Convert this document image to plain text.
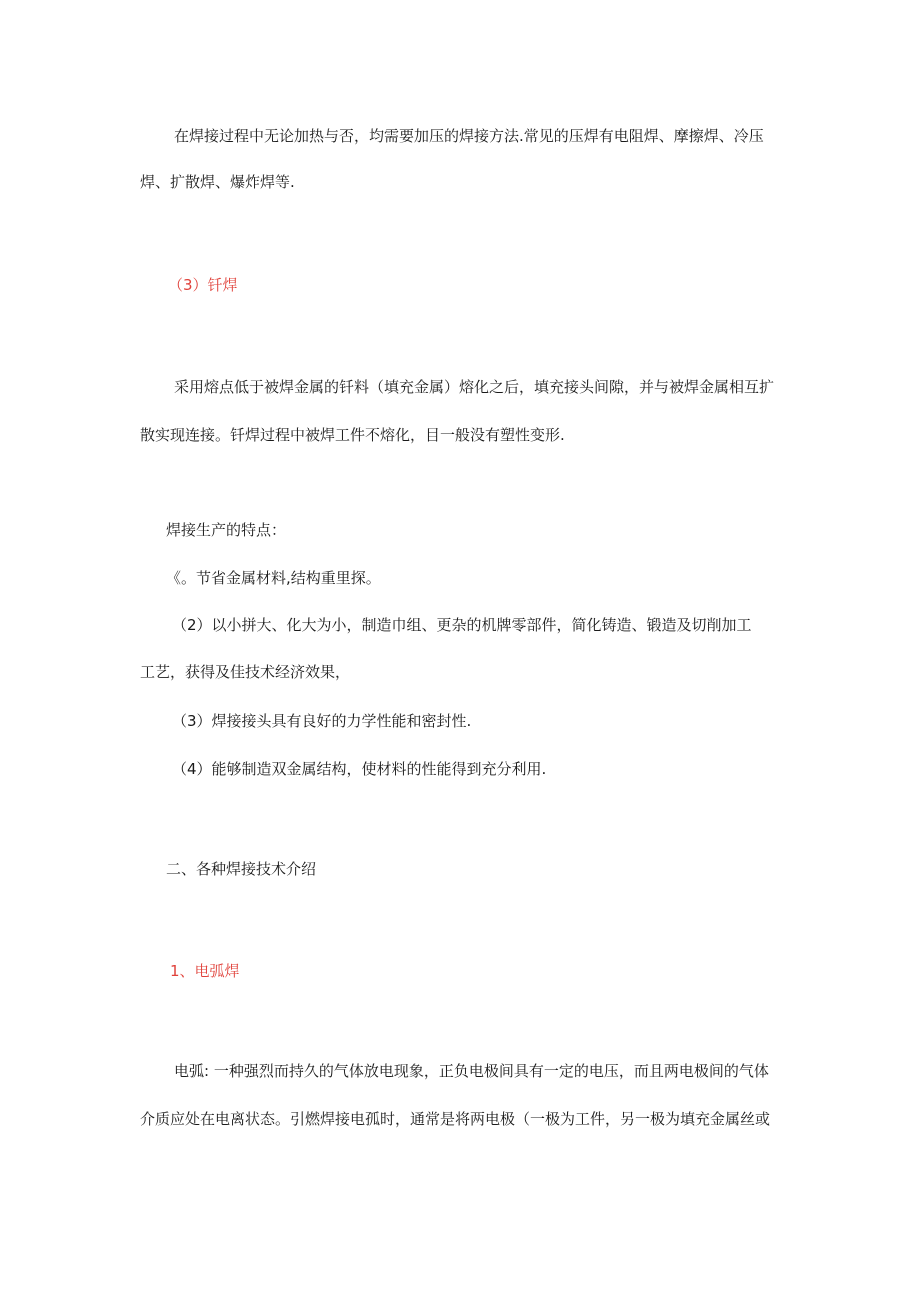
在焊接过程中无论加热与否，均需要加压的焊接方法.常见的压焊有电阻焊、摩擦焊、冷压

焊、扩散焊、爆炸焊等.

（3）钎焊

采用熔点低于被焊金属的钎料（填充金属）熔化之后，填充接头间隙，并与被焊金属相互扩

散实现连接。钎焊过程中被焊工件不熔化，目一般没有塑性变形.

焊接生产的特点：

《。节省金属材料,结构重里探。

（2）以小拼大、化大为小，制造巾组、更杂的机牌零部件，简化铸造、锻造及切削加工

工艺，获得及佳技术经济效果，

（3）焊接接头具有良好的力学性能和密封性.

（4）能够制造双金属结构，使材料的性能得到充分利用.

二、各种焊接技术介绍

1、电弧焊

电弧: 一种强烈而持久的气体放电现象，正负电极间具有一定的电压，而且两电极间的气体

介质应处在电离状态。引燃焊接电孤时，通常是将两电极（一极为工件，另一极为填充金属丝或
